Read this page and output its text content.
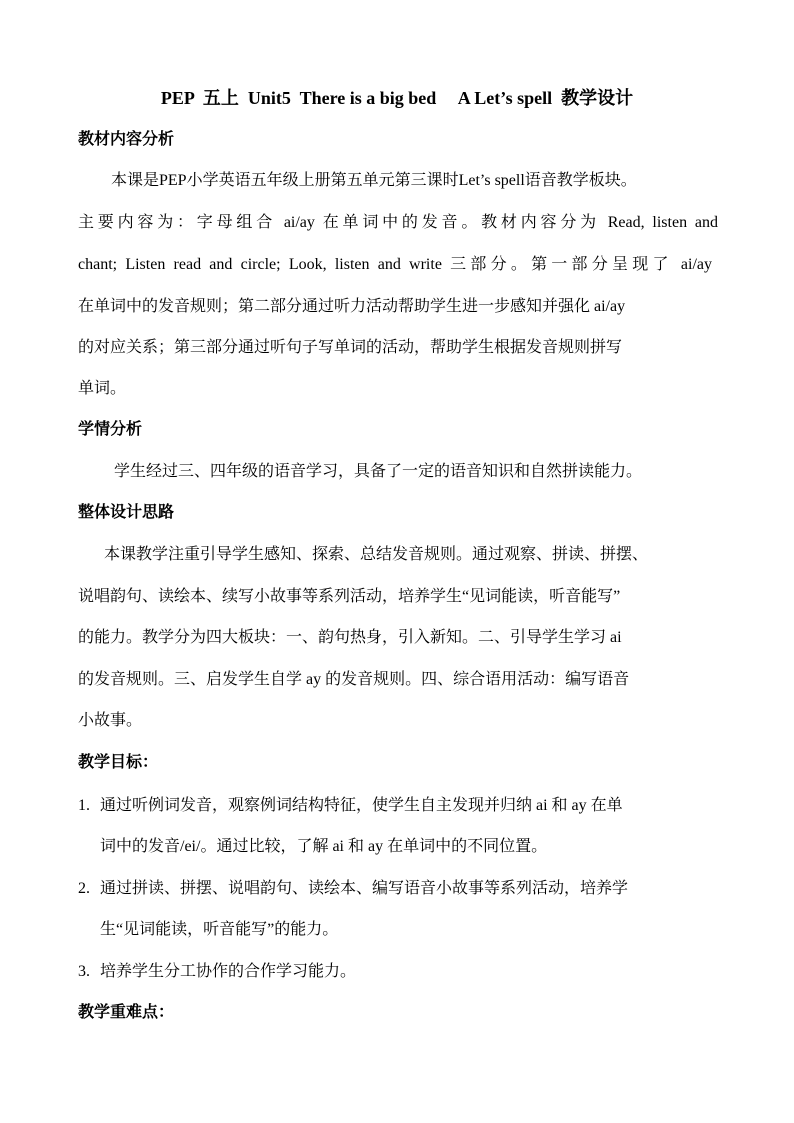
PEP  五上  Unit5  There is a big bed     A Let’s spell  教学设计
教材内容分析
本课是PEP小学英语五年级上册第五单元第三课时Let’s spell语音教学板块。
主要内容为：字母组合 ai/ay 在单词中的发音。教材内容分为 Read, listen and
chant; Listen read and circle; Look, listen and write 三部分。第一部分呈现了 ai/ay
在单词中的发音规则；第二部分通过听力活动帮助学生进一步感知并强化 ai/ay
的对应关系；第三部分通过听句子写单词的活动，帮助学生根据发音规则拼写
单词。
学情分析
学生经过三、四年级的语音学习，具备了一定的语音知识和自然拼读能力。
整体设计思路
本课教学注重引导学生感知、探索、总结发音规则。通过观察、拼读、拼摆、
说唱韵句、读绘本、续写小故事等系列活动，培养学生“见词能读，听音能写”
的能力。教学分为四大板块：一、韵句热身，引入新知。二、引导学生学习 ai
的发音规则。三、启发学生自学 ay 的发音规则。四、综合语用活动：编写语音
小故事。
教学目标：
1. 通过听例词发音，观察例词结构特征，使学生自主发现并归纳 ai 和 ay 在单
词中的发音/ei/。通过比较，了解 ai 和 ay 在单词中的不同位置。
2. 通过拼读、拼摆、说唱韵句、读绘本、编写语音小故事等系列活动，培养学
生“见词能读，听音能写”的能力。
3. 培养学生分工协作的合作学习能力。
教学重难点：
